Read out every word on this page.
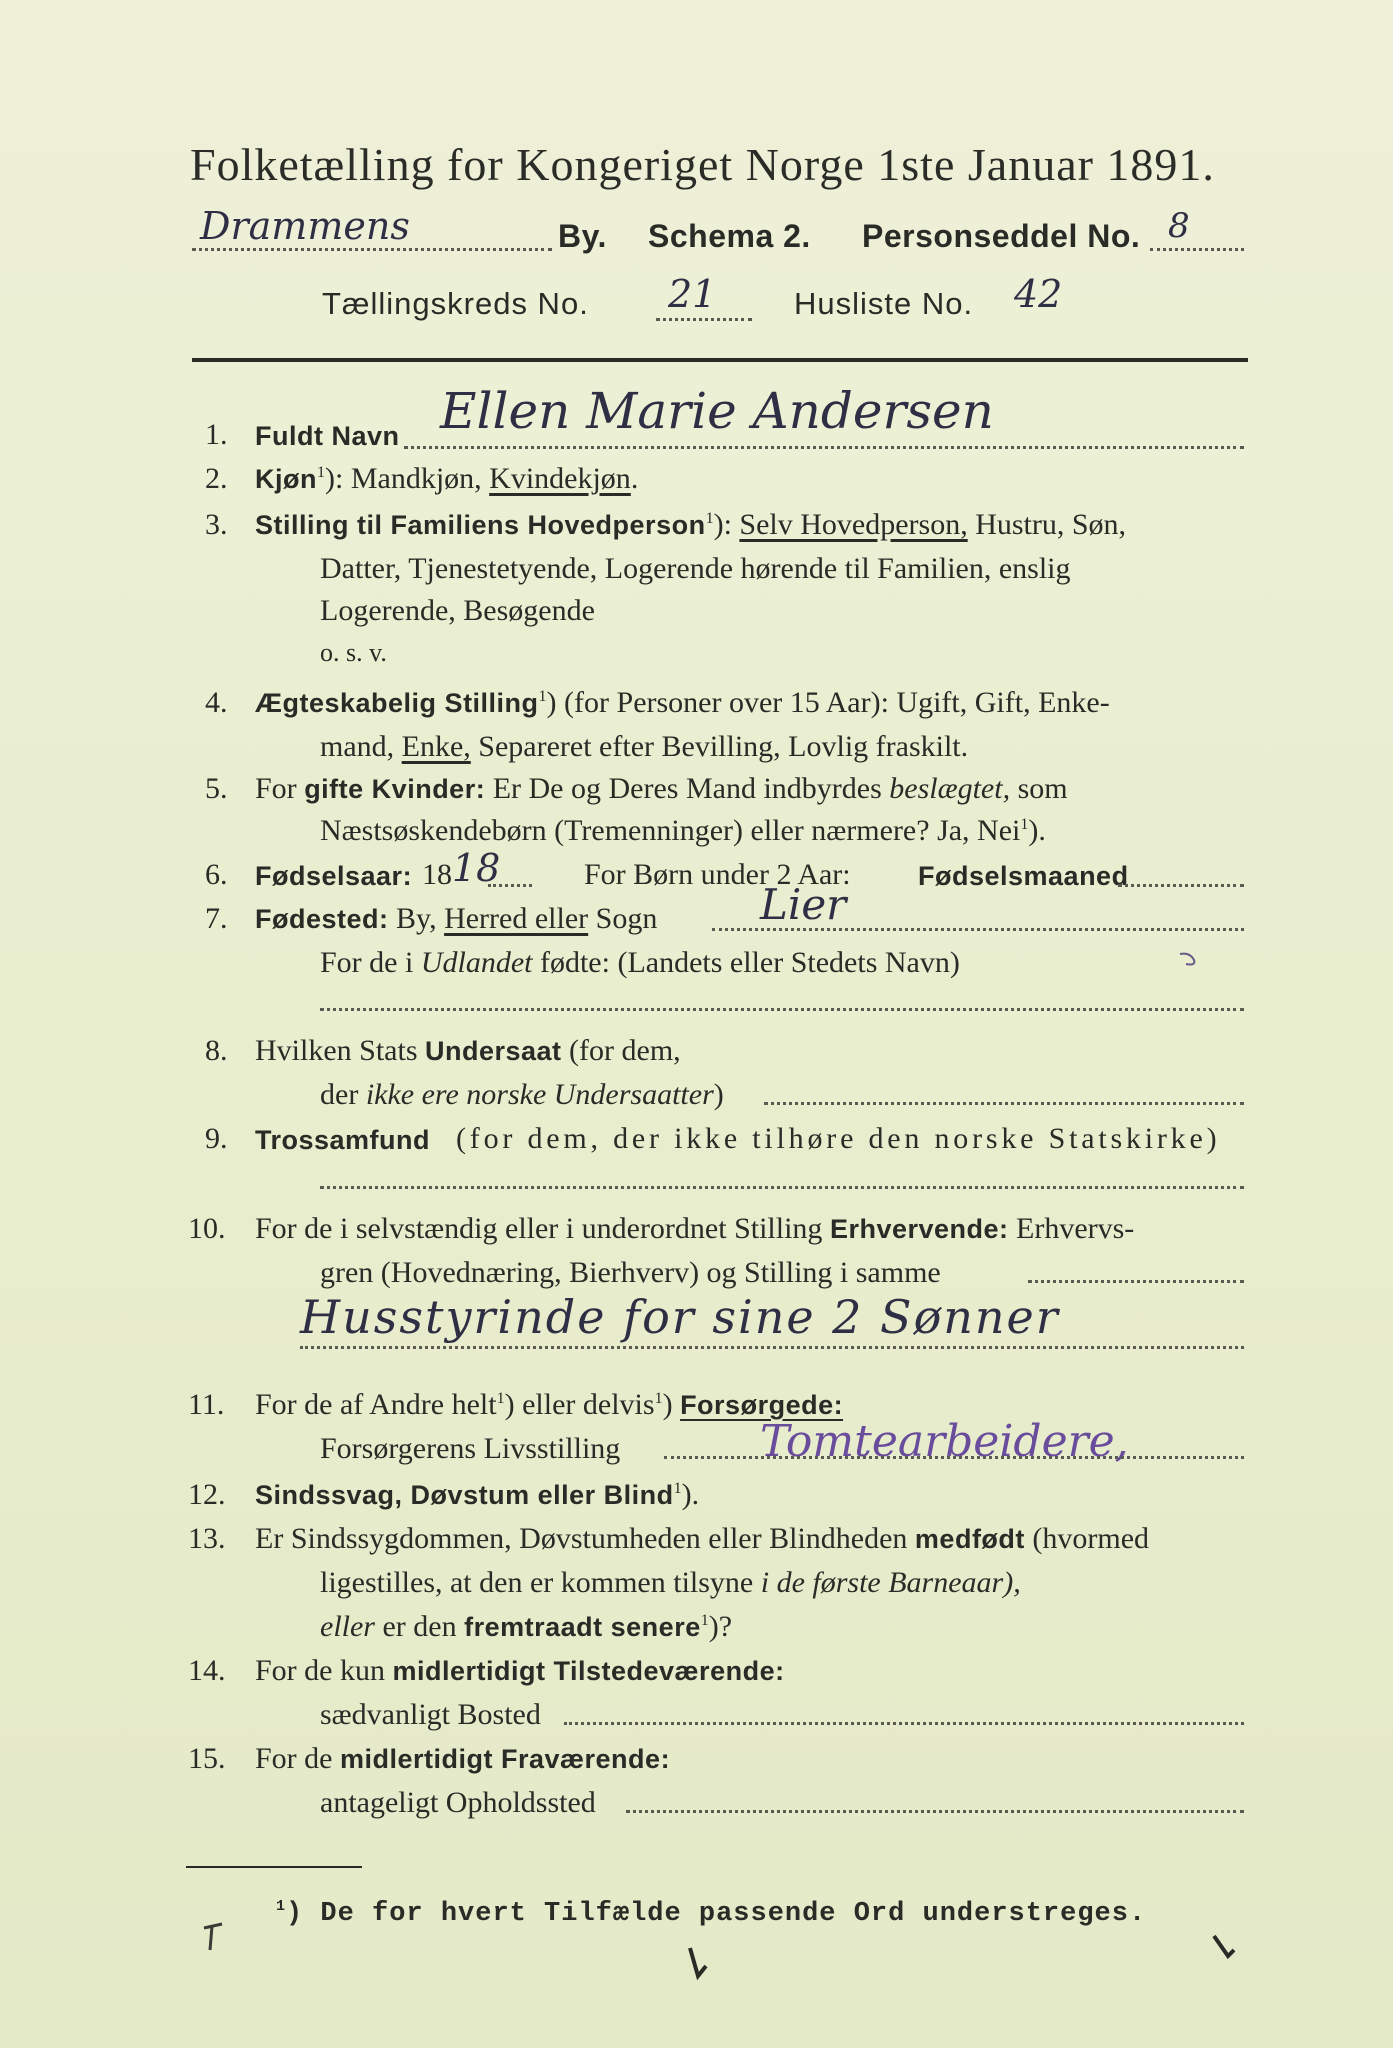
Folketælling for Kongeriget Norge 1ste Januar 1891.
Drammens	By. Schema 2. Personseddel No. 8
Tællingskreds No. 21	Husliste No. 42
1. Fuldt Navn Ellen Marie Andersen
2. Kjøn$^1$): Mandkjøn, Kvindekjøn.
3. Stilling til Familiens Hovedperson$^1$): Selv Hovedperson, Hustru, Søn,
Datter, Tjenestetyende, Logerende hørende til Familien, enslig
Logerende, Besøgende
o. s. v.
4. Ægteskabelig Stilling$^1$) (for Personer over 15 Aar): Ugift, Gift, Enke-
mand, Enke, Separeret efter Bevilling, Lovlig fraskilt.
5. For gifte Kvinder: Er De og Deres Mand indbyrdes beslægtet, som
Næstsøskendebørn (Tremenninger) eller nærmere? Ja, Nei$^1$).
6. Fødselsaar: 18 18	For Børn under 2 Aar: Fødselsmaaned
7. Fødested: By, Herred eller Sogn Lier
For de i Udlandet fødte: (Landets eller Stedets Navn)
8. Hvilken Stats Undersaat (for dem,
der ikke ere norske Undersaatter)
9. Trossamfund (for dem, der ikke tilhøre den norske Statskirke)
10. For de i selvstændig eller i underordnet Stilling Erhvervende: Erhvervs-
gren (Hovednæring, Bierhverv) og Stilling i samme
Husstyrinde for sine 2 Sønner
11. For de af Andre helt$^1$) eller delvis$^1$) Forsørgede:
Forsørgerens Livsstilling	Tomtearbeidere,
12. Sindssvag, Døvstum eller Blind$^1$).
13. Er Sindssygdommen, Døvstumheden eller Blindheden medfødt (hvormed
ligestilles, at den er kommen tilsyne i de første Barneaar),
eller er den fremtraadt senere$^1$)?
14. For de kun midlertidigt Tilstedeværende:
sædvanligt Bosted
15. For de midlertidigt Fraværende:
antageligt Opholdssted
$^1$) De for hvert Tilfælde passende Ord understreges.
